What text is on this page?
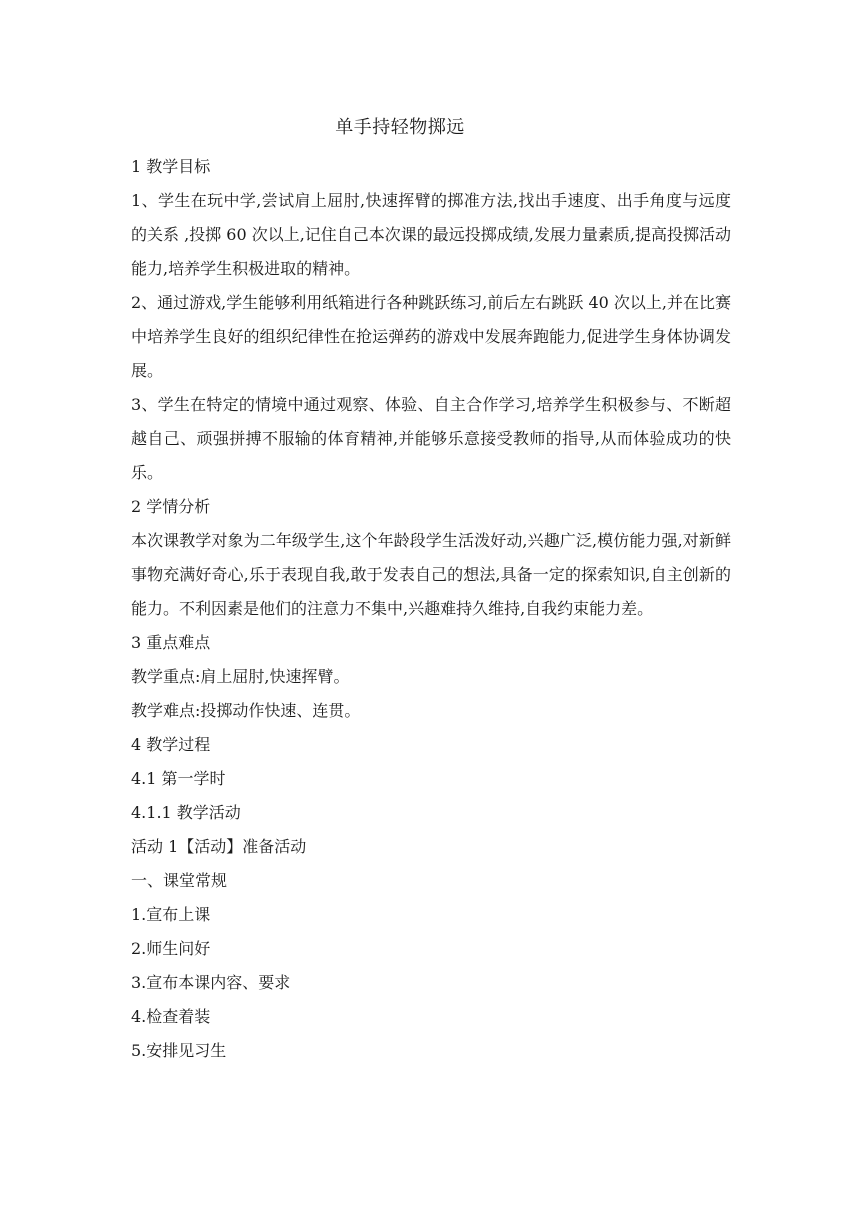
单手持轻物掷远
1 教学目标
1、学生在玩中学,尝试肩上屈肘,快速挥臂的掷准方法,找出手速度、出手角度与远度的关系 ,投掷 60 次以上,记住自己本次课的最远投掷成绩,发展力量素质,提高投掷活动能力,培养学生积极进取的精神。
2、通过游戏,学生能够利用纸箱进行各种跳跃练习,前后左右跳跃 40 次以上,并在比赛中培养学生良好的组织纪律性在抢运弹药的游戏中发展奔跑能力,促进学生身体协调发展。
3、学生在特定的情境中通过观察、体验、自主合作学习,培养学生积极参与、不断超越自己、顽强拼搏不服输的体育精神,并能够乐意接受教师的指导,从而体验成功的快乐。
2 学情分析
本次课教学对象为二年级学生,这个年龄段学生活泼好动,兴趣广泛,模仿能力强,对新鲜事物充满好奇心,乐于表现自我,敢于发表自己的想法,具备一定的探索知识,自主创新的能力。不利因素是他们的注意力不集中,兴趣难持久维持,自我约束能力差。
3 重点难点
教学重点:肩上屈肘,快速挥臂。
教学难点:投掷动作快速、连贯。
4 教学过程
4.1 第一学时
4.1.1 教学活动
活动 1【活动】准备活动
一、课堂常规
1.宣布上课
2.师生问好
3.宣布本课内容、要求
4.检查着装
5.安排见习生
